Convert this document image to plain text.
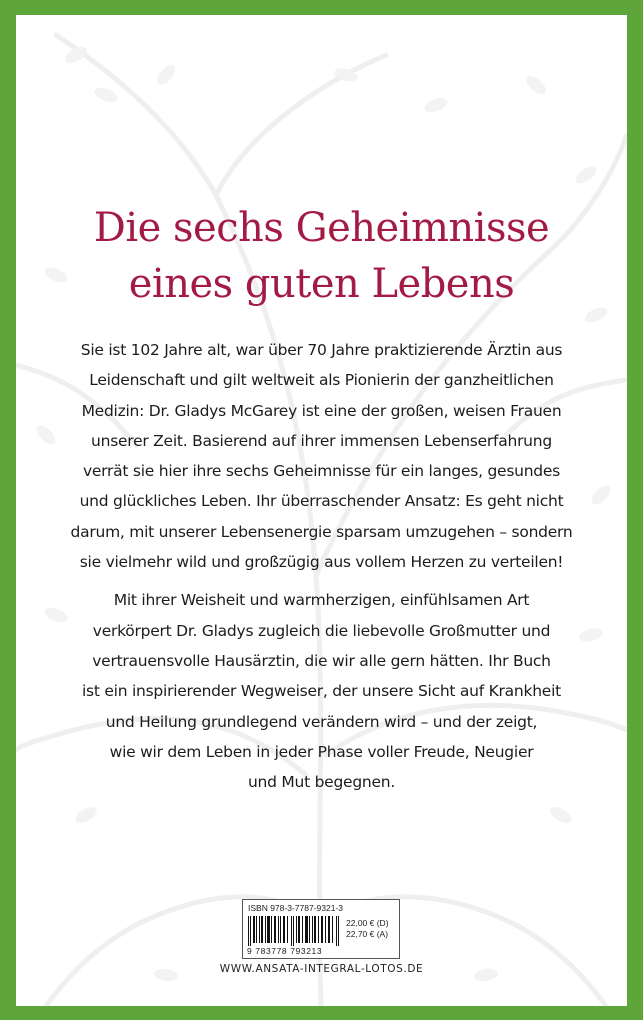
Die sechs Geheimnisse
eines guten Lebens
Sie ist 102 Jahre alt, war über 70 Jahre praktizierende Ärztin aus
Leidenschaft und gilt weltweit als Pionierin der ganzheitlichen
Medizin: Dr. Gladys McGarey ist eine der großen, weisen Frauen
unserer Zeit. Basierend auf ihrer immensen Lebenserfahrung
verrät sie hier ihre sechs Geheimnisse für ein langes, gesundes
und glückliches Leben. Ihr überraschender Ansatz: Es geht nicht
darum, mit unserer Lebensenergie sparsam umzugehen – sondern
sie vielmehr wild und großzügig aus vollem Herzen zu verteilen!
Mit ihrer Weisheit und warmherzigen, einfühlsamen Art
verkörpert Dr. Gladys zugleich die liebevolle Großmutter und
vertrauensvolle Hausärztin, die wir alle gern hätten. Ihr Buch
ist ein inspirierender Wegweiser, der unsere Sicht auf Krankheit
und Heilung grundlegend verändern wird – und der zeigt,
wie wir dem Leben in jeder Phase voller Freude, Neugier
und Mut begegnen.
ISBN 978-3-7787-9321-3
9 783778 793213
22,00 € (D)
22,70 € (A)
WWW.ANSATA-INTEGRAL-LOTOS.DE
